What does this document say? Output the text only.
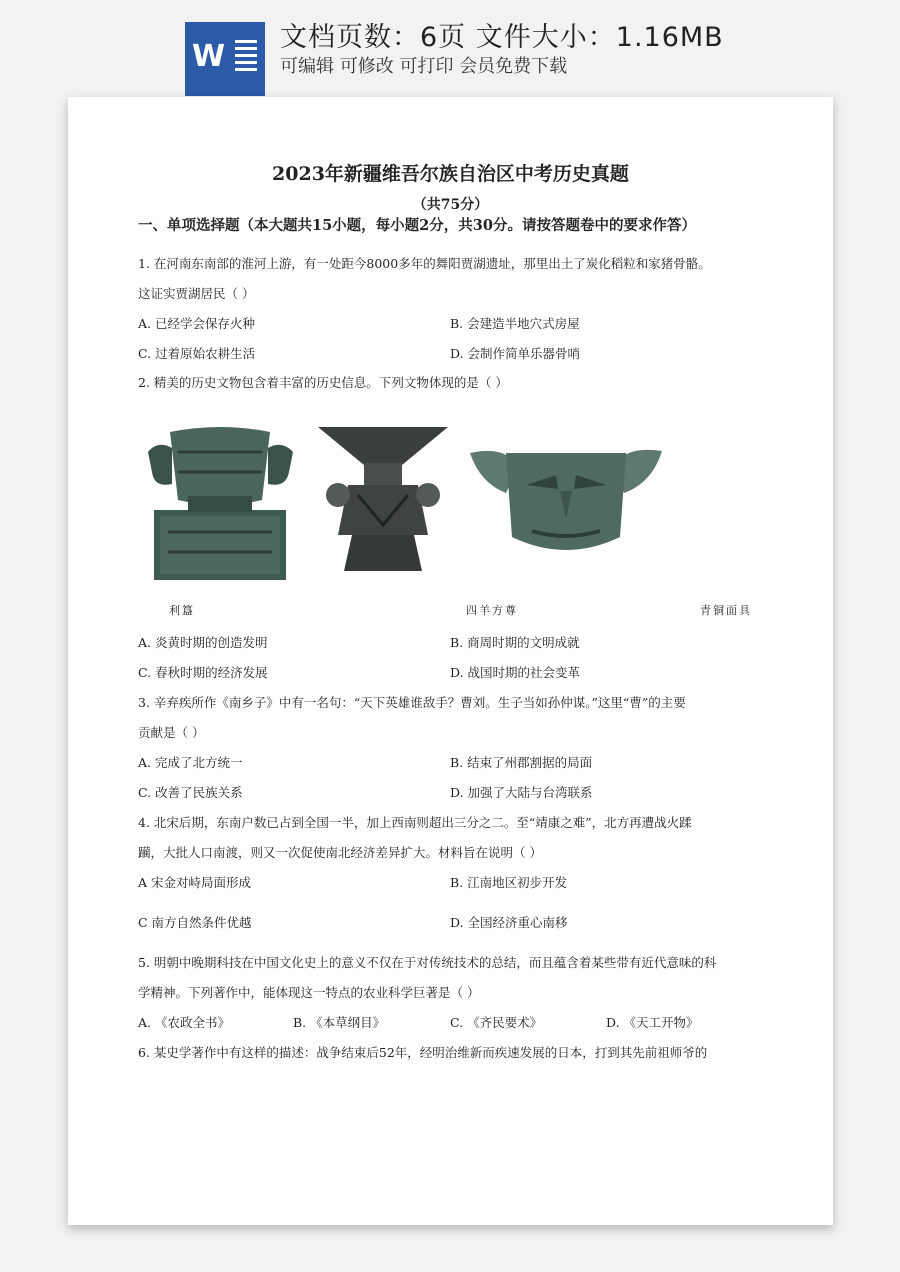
W
文档页数：6页 文件大小：1.16MB
可编辑 可修改 可打印 会员免费下载
2023年新疆维吾尔族自治区中考历史真题
（共75分）
一、单项选择题（本大题共15小题，每小题2分，共30分。请按答题卷中的要求作答）
1. 在河南东南部的淮河上游，有一处距今8000多年的舞阳贾湖遗址，那里出土了炭化稻粒和家猪骨骼。
这证实贾湖居民（ ）
A. 已经学会保存火种	B. 会建造半地穴式房屋
C. 过着原始农耕生活	D. 会制作简单乐器骨哨
2. 精美的历史文物包含着丰富的历史信息。下列文物体现的是（ ）
利簋	四羊方尊	青铜面具
A. 炎黄时期的创造发明	B. 商周时期的文明成就
C. 春秋时期的经济发展	D. 战国时期的社会变革
3. 辛弃疾所作《南乡子》中有一名句：“天下英雄谁敌手？曹刘。生子当如孙仲谋。”这里“曹”的主要
贡献是（ ）
A. 完成了北方统一	B. 结束了州郡割据的局面
C. 改善了民族关系	D. 加强了大陆与台湾联系
4. 北宋后期，东南户数已占到全国一半，加上西南则超出三分之二。至“靖康之难”，北方再遭战火蹂
躏，大批人口南渡，则又一次促使南北经济差异扩大。材料旨在说明（ ）
A 宋金对峙局面形成	B. 江南地区初步开发
C 南方自然条件优越	D. 全国经济重心南移
5. 明朝中晚期科技在中国文化史上的意义不仅在于对传统技术的总结，而且蕴含着某些带有近代意味的科
学精神。下列著作中，能体现这一特点的农业科学巨著是（ ）
A. 《农政全书》	B. 《本草纲目》	C. 《齐民要术》	D. 《天工开物》
6. 某史学著作中有这样的描述：战争结束后52年，经明治维新而疾速发展的日本，打到其先前祖师爷的
